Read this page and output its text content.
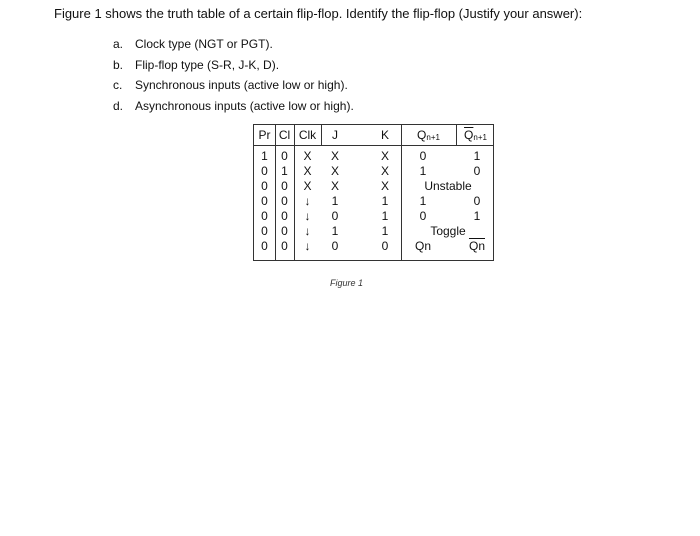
Figure 1 shows the truth table of a certain flip-flop. Identify the flip-flop (Justify your answer):

a. Clock type (NGT or PGT).
b. Flip-flop type (S-R, J-K, D).
c. Synchronous inputs (active low or high).
d. Asynchronous inputs (active low or high).
Pr Cl Clk	J	K	Qn+1	$\overline{Q}n+1$
1	0	X	X	X	0	1
0	1	X	X	X	1	0
0	0	X	X	X	Unstable
0	0	↓	1	1	1	0
0	0	↓	0	1	0	1
0	0	↓	1	1	Toggle
0	0	↓	0	0	Qn	$\overline{Qn}$
Figure 1
